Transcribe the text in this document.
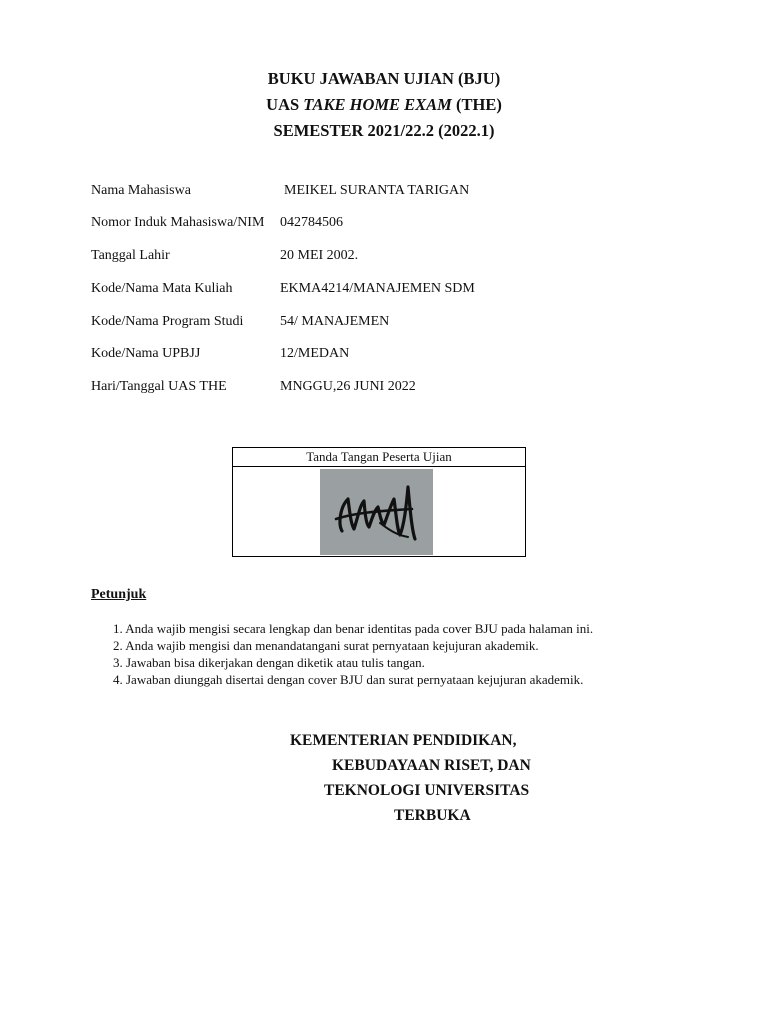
BUKU JAWABAN UJIAN (BJU)
UAS TAKE HOME EXAM (THE)
SEMESTER 2021/22.2 (2022.1)
Nama Mahasiswa	MEIKEL SURANTA TARIGAN
Nomor Induk Mahasiswa/NIM 042784506
Tanggal Lahir	20 MEI 2002.
Kode/Nama Mata Kuliah	EKMA4214/MANAJEMEN SDM
Kode/Nama Program Studi	54/ MANAJEMEN
Kode/Nama UPBJJ	12/MEDAN
Hari/Tanggal UAS THE	MNGGU,26 JUNI 2022
Tanda Tangan Peserta Ujian
Petunjuk
1. Anda wajib mengisi secara lengkap dan benar identitas pada cover BJU pada halaman ini.
2. Anda wajib mengisi dan menandatangani surat pernyataan kejujuran akademik.
3. Jawaban bisa dikerjakan dengan diketik atau tulis tangan.
4. Jawaban diunggah disertai dengan cover BJU dan surat pernyataan kejujuran akademik.
KEMENTERIAN PENDIDIKAN,
KEBUDAYAAN RISET, DAN
TEKNOLOGI UNIVERSITAS
TERBUKA
